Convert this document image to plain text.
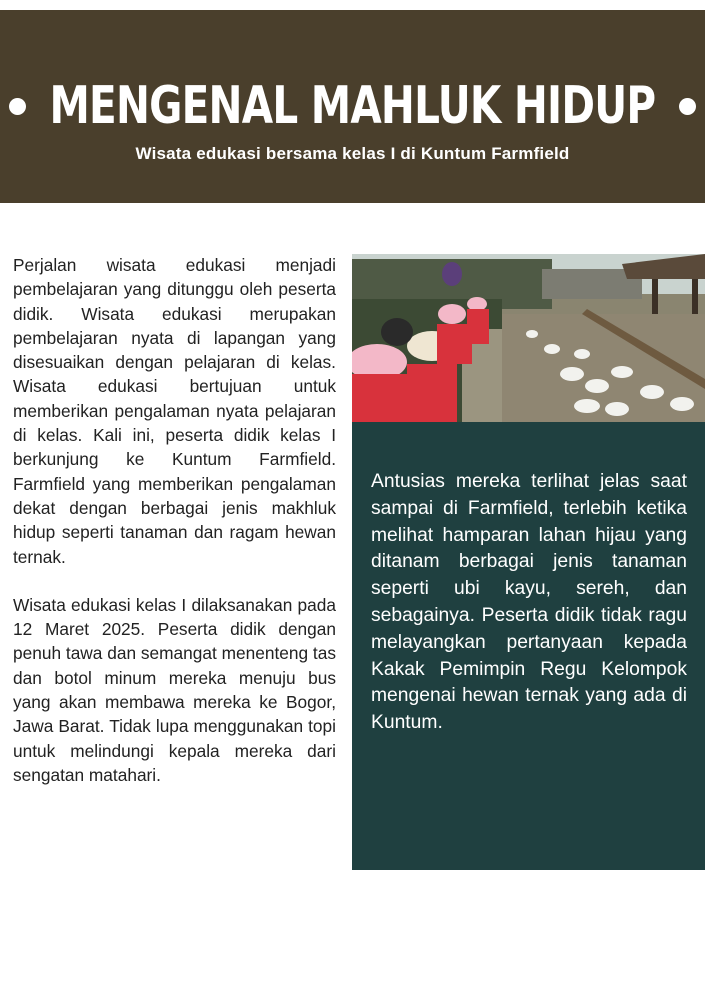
MENGENAL MAHLUK HIDUP
Wisata edukasi bersama kelas I di Kuntum Farmfield

Perjalan wisata edukasi menjadi pembelajaran yang ditunggu oleh peserta didik. Wisata edukasi merupakan pembelajaran nyata di lapangan yang disesuaikan dengan pelajaran di kelas. Wisata edukasi bertujuan untuk memberikan pengalaman nyata pelajaran di kelas. Kali ini, peserta didik kelas I berkunjung ke Kuntum Farmfield. Farmfield yang memberikan pengalaman dekat dengan berbagai jenis makhluk hidup seperti tanaman dan ragam hewan ternak.

Wisata edukasi kelas I dilaksanakan pada 12 Maret 2025. Peserta didik dengan penuh tawa dan semangat menenteng tas dan botol minum mereka menuju bus yang akan membawa mereka ke Bogor, Jawa Barat. Tidak lupa menggunakan topi untuk melindungi kepala mereka dari sengatan matahari.

Antusias mereka terlihat jelas saat sampai di Farmfield, terlebih ketika melihat hamparan lahan hijau yang ditanam berbagai jenis tanaman seperti ubi kayu, sereh, dan sebagainya. Peserta didik tidak ragu melayangkan pertanyaan kepada Kakak Pemimpin Regu Kelompok mengenai hewan ternak yang ada di Kuntum.
